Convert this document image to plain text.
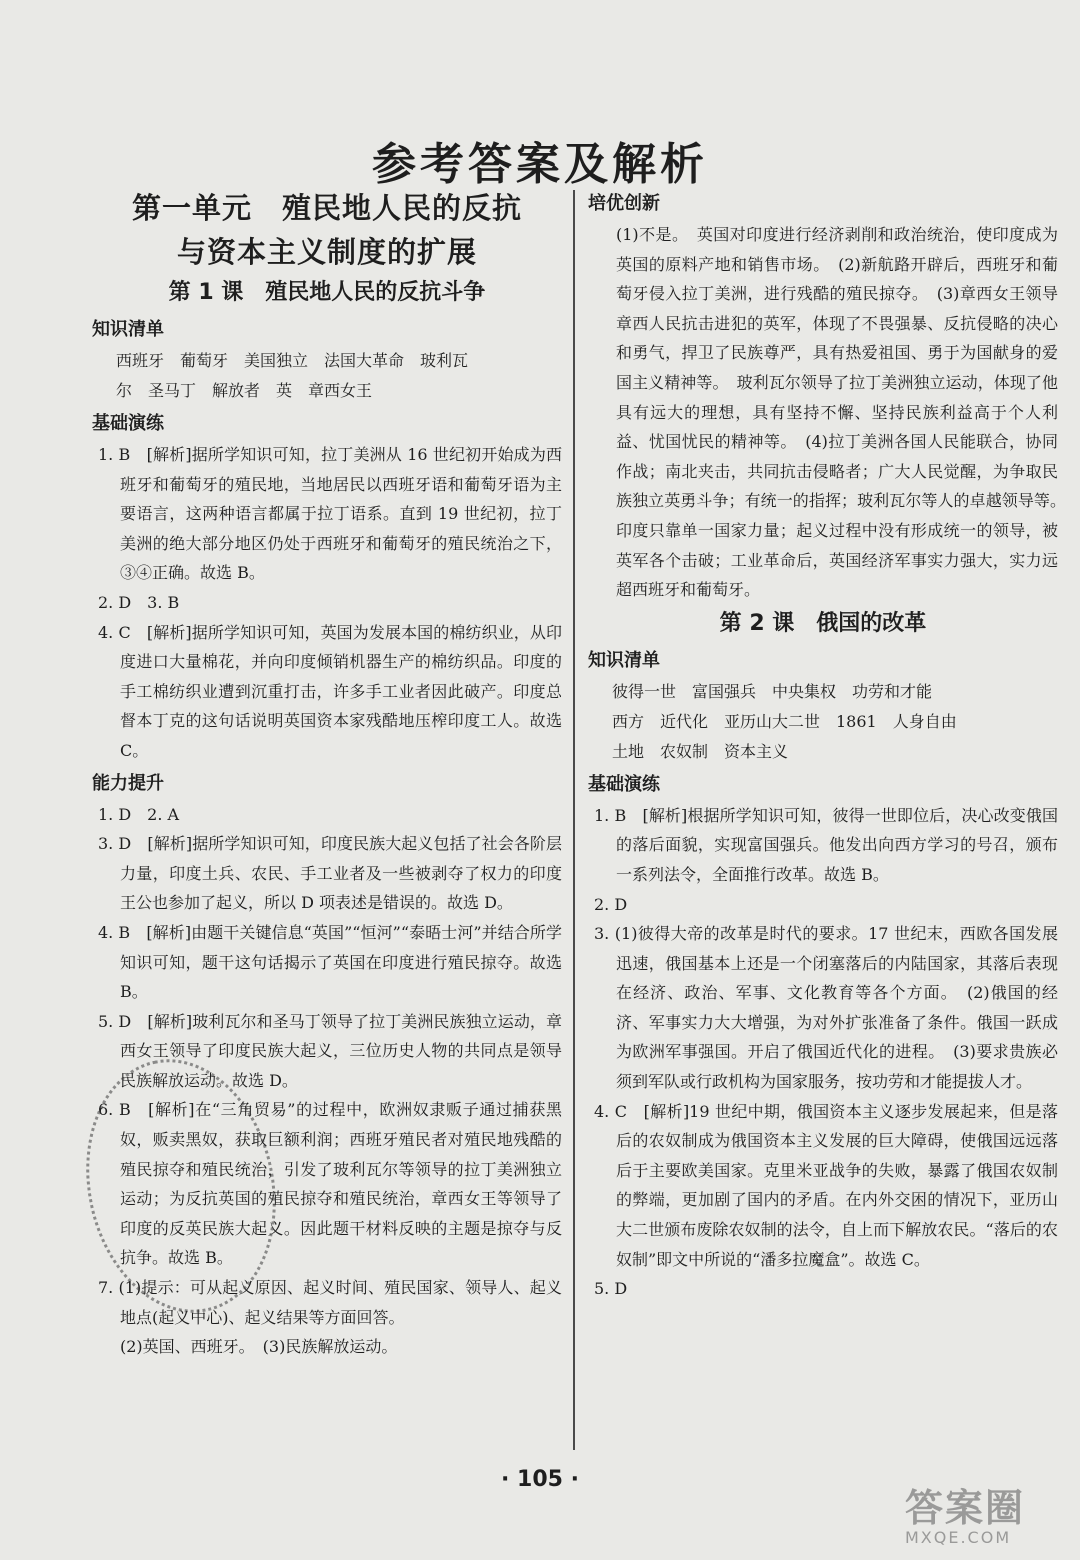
参考答案及解析
第一单元　殖民地人民的反抗
与资本主义制度的扩展
第 1 课　殖民地人民的反抗斗争
知识清单
西班牙　葡萄牙　美国独立　法国大革命　玻利瓦
尔　圣马丁　解放者　英　章西女王
基础演练

1. B　[解析]据所学知识可知，拉丁美洲从 16 世纪初开始成为西班牙和葡萄牙的殖民地，当地居民以西班牙语和葡萄牙语为主要语言，这两种语言都属于拉丁语系。直到 19 世纪初，拉丁美洲的绝大部分地区仍处于西班牙和葡萄牙的殖民统治之下，③④正确。故选 B。

2. D　3. B

4. C　[解析]据所学知识可知，英国为发展本国的棉纺织业，从印度进口大量棉花，并向印度倾销机器生产的棉纺织品。印度的手工棉纺织业遭到沉重打击，许多手工业者因此破产。印度总督本丁克的这句话说明英国资本家残酷地压榨印度工人。故选 C。

能力提升

1. D　2. A

3. D　[解析]据所学知识可知，印度民族大起义包括了社会各阶层力量，印度土兵、农民、手工业者及一些被剥夺了权力的印度王公也参加了起义，所以 D 项表述是错误的。故选 D。

4. B　[解析]由题干关键信息“英国”“恒河”“泰晤士河”并结合所学知识可知，题干这句话揭示了英国在印度进行殖民掠夺。故选 B。

5. D　[解析]玻利瓦尔和圣马丁领导了拉丁美洲民族独立运动，章西女王领导了印度民族大起义，三位历史人物的共同点是领导民族解放运动。故选 D。

6. B　[解析]在“三角贸易”的过程中，欧洲奴隶贩子通过捕获黑奴，贩卖黑奴，获取巨额利润；西班牙殖民者对殖民地残酷的殖民掠夺和殖民统治，引发了玻利瓦尔等领导的拉丁美洲独立运动；为反抗英国的殖民掠夺和殖民统治，章西女王等领导了印度的反英民族大起义。因此题干材料反映的主题是掠夺与反抗争。故选 B。

7. (1)提示：可从起义原因、起义时间、殖民国家、领导人、起义地点(起义中心)、起义结果等方面回答。

(2)英国、西班牙。　(3)民族解放运动。
培优创新
(1)不是。　英国对印度进行经济剥削和政治统治，使印度成为英国的原料产地和销售市场。　(2)新航路开辟后，西班牙和葡萄牙侵入拉丁美洲，进行残酷的殖民掠夺。　(3)章西女王领导章西人民抗击进犯的英军，体现了不畏强暴、反抗侵略的决心和勇气，捍卫了民族尊严，具有热爱祖国、勇于为国献身的爱国主义精神等。　玻利瓦尔领导了拉丁美洲独立运动，体现了他具有远大的理想，具有坚持不懈、坚持民族利益高于个人利益、忧国忧民的精神等。　(4)拉丁美洲各国人民能联合，协同作战；南北夹击，共同抗击侵略者；广大人民觉醒，为争取民族独立英勇斗争；有统一的指挥；玻利瓦尔等人的卓越领导等。　印度只靠单一国家力量；起义过程中没有形成统一的领导，被英军各个击破；工业革命后，英国经济军事实力强大，实力远超西班牙和葡萄牙。
第 2 课　俄国的改革
知识清单
彼得一世　富国强兵　中央集权　功劳和才能
西方　近代化　亚历山大二世　1861　人身自由
土地　农奴制　资本主义
基础演练

1. B　[解析]根据所学知识可知，彼得一世即位后，决心改变俄国的落后面貌，实现富国强兵。他发出向西方学习的号召，颁布一系列法令，全面推行改革。故选 B。

2. D

3. (1)彼得大帝的改革是时代的要求。17 世纪末，西欧各国发展迅速，俄国基本上还是一个闭塞落后的内陆国家，其落后表现在经济、政治、军事、文化教育等各个方面。　(2)俄国的经济、军事实力大大增强，为对外扩张准备了条件。俄国一跃成为欧洲军事强国。开启了俄国近代化的进程。　(3)要求贵族必须到军队或行政机构为国家服务，按功劳和才能提拔人才。

4. C　[解析]19 世纪中期，俄国资本主义逐步发展起来，但是落后的农奴制成为俄国资本主义发展的巨大障碍，使俄国远远落后于主要欧美国家。克里米亚战争的失败，暴露了俄国农奴制的弊端，更加剧了国内的矛盾。在内外交困的情况下，亚历山大二世颁布废除农奴制的法令，自上而下解放农民。“落后的农奴制”即文中所说的“潘多拉魔盒”。故选 C。

5. D

· 105 ·
答案圈
MXQE.COM
